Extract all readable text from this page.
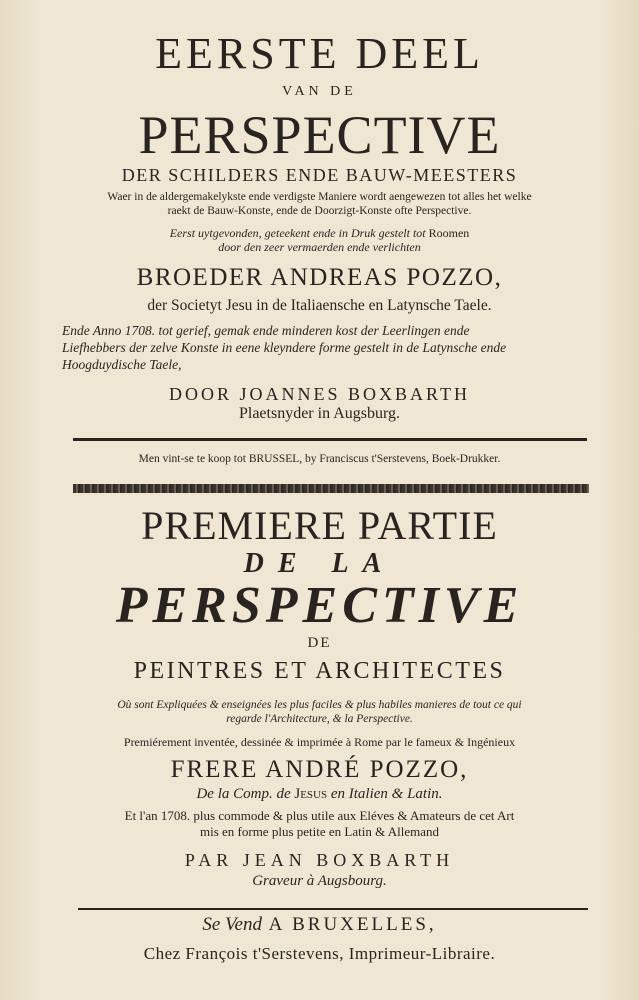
EERSTE DEEL
VAN DE
PERSPECTIVE
DER SCHILDERS ENDE BAUW-MEESTERS
Waer in de aldergemakelykste ende verdigste Maniere wordt aengewezen tot alles het welke
raekt de Bauw-Konste, ende de Doorzigt-Konste ofte Perspective.
Eerst uytgevonden, geteekent ende in Druk gestelt tot Roomen
door den zeer vermaerden ende verlichten
BROEDER ANDREAS POZZO,
der Societyt Jesu in de Italiaensche en Latynsche Taele.
Ende Anno 1708. tot gerief, gemak ende minderen kost der Leerlingen ende
Liefhebbers der zelve Konste in eene kleyndere forme gestelt in de Latynsche ende
Hoogduydische Taele,
DOOR JOANNES BOXBARTH
Plaetsnyder in Augsburg.
Men vint-se te koop tot BRUSSEL, by Franciscus t'Serstevens, Boek-Drukker.
PREMIERE PARTIE
DE LA
PERSPECTIVE
DE
PEINTRES ET ARCHITECTES
Où sont Expliquées & enseignées les plus faciles & plus habiles manieres de tout ce qui
regarde l'Architecture, & la Perspective.
Premiérement inventée, dessinée & imprimée à Rome par le fameux & Ingénieux
FRERE ANDRÉ POZZO,
De la Comp. de Jesus en Italien & Latin.
Et l'an 1708. plus commode & plus utile aux Eléves & Amateurs de cet Art
mis en forme plus petite en Latin & Allemand
PAR JEAN BOXBARTH
Graveur à Augsbourg.
Se Vend A BRUXELLES,
Chez François t'Serstevens, Imprimeur-Libraire.
